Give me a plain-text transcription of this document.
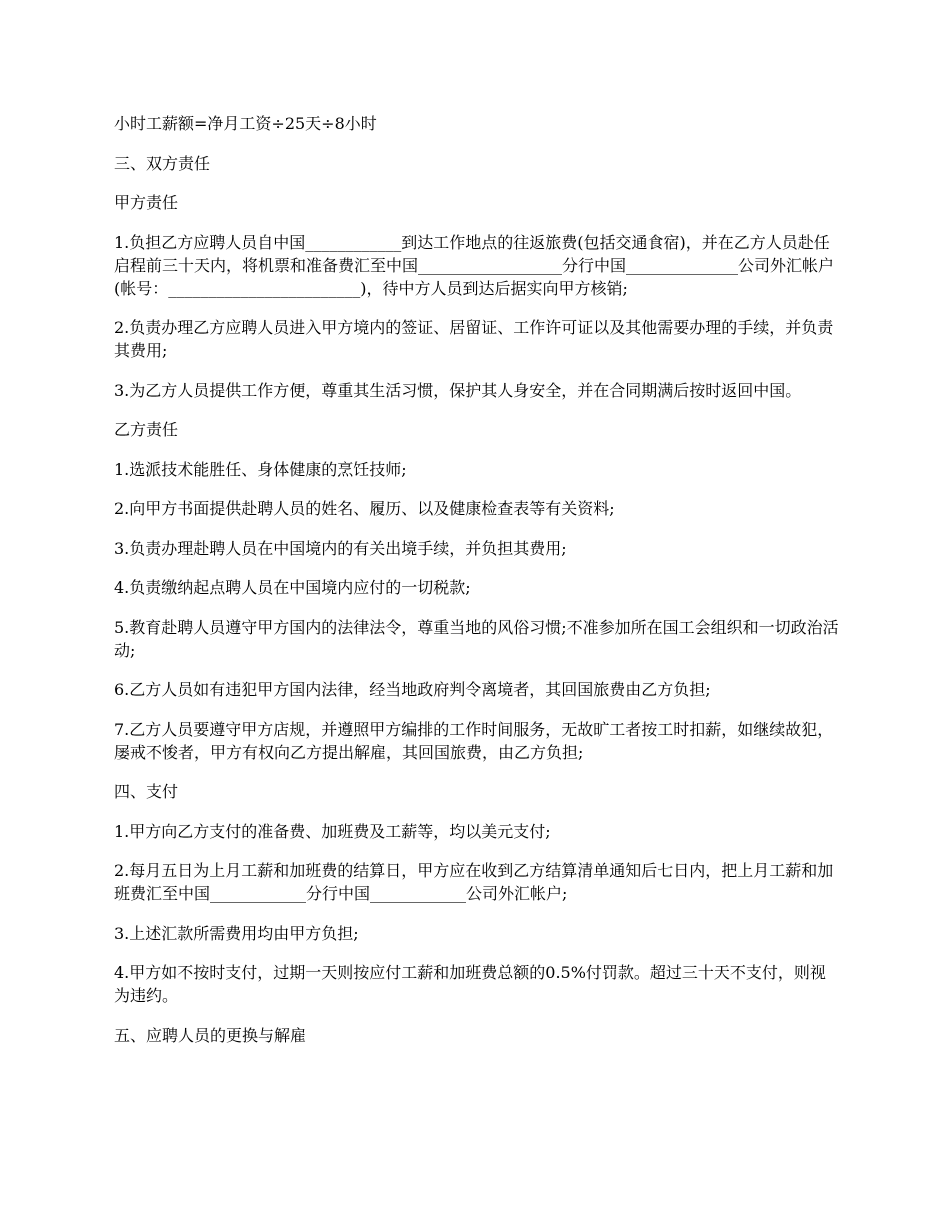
小时工薪额=净月工资÷25天÷8小时

三、双方责任

甲方责任

1.负担乙方应聘人员自中国____________到达工作地点的往返旅费(包括交通食宿)，并在乙方人员赴任启程前三十天内，将机票和准备费汇至中国__________________分行中国______________公司外汇帐户(帐号：________________________)，待中方人员到达后据实向甲方核销;

2.负责办理乙方应聘人员进入甲方境内的签证、居留证、工作许可证以及其他需要办理的手续，并负责其费用;

3.为乙方人员提供工作方便，尊重其生活习惯，保护其人身安全，并在合同期满后按时返回中国。

乙方责任

1.选派技术能胜任、身体健康的烹饪技师;

2.向甲方书面提供赴聘人员的姓名、履历、以及健康检查表等有关资料;

3.负责办理赴聘人员在中国境内的有关出境手续，并负担其费用;

4.负责缴纳起点聘人员在中国境内应付的一切税款;

5.教育赴聘人员遵守甲方国内的法律法令，尊重当地的风俗习惯;不准参加所在国工会组织和一切政治活动;

6.乙方人员如有违犯甲方国内法律，经当地政府判令离境者，其回国旅费由乙方负担;

7.乙方人员要遵守甲方店规，并遵照甲方编排的工作时间服务，无故旷工者按工时扣薪，如继续故犯，屡戒不悛者，甲方有权向乙方提出解雇，其回国旅费，由乙方负担;

四、支付

1.甲方向乙方支付的准备费、加班费及工薪等，均以美元支付;

2.每月五日为上月工薪和加班费的结算日，甲方应在收到乙方结算清单通知后七日内，把上月工薪和加班费汇至中国____________分行中国____________公司外汇帐户;

3.上述汇款所需费用均由甲方负担;

4.甲方如不按时支付，过期一天则按应付工薪和加班费总额的0.5%付罚款。超过三十天不支付，则视为违约。

五、应聘人员的更换与解雇
